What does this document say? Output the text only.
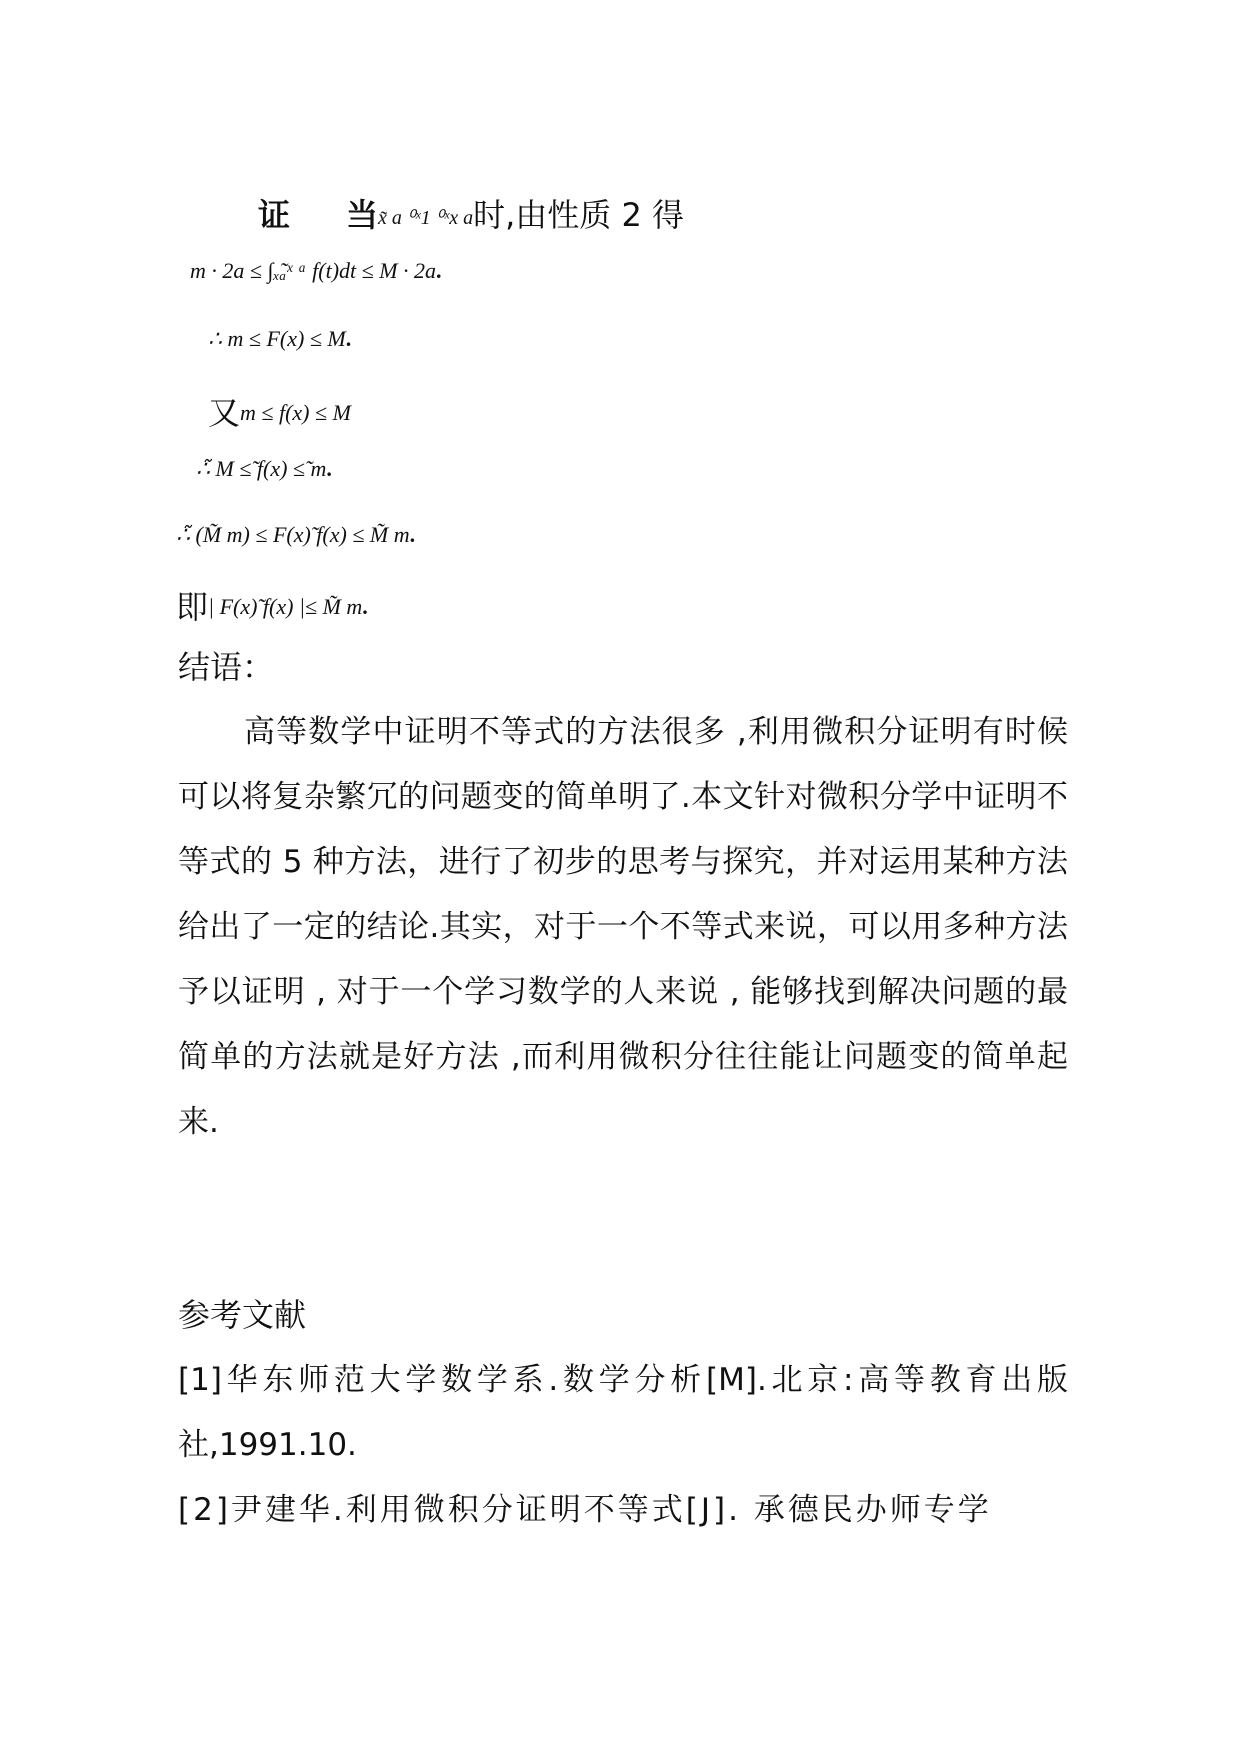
证 当x̃ a ⁰ˣ1 ⁰ˣx a时,由性质 2 得
m · 2a ≤ ∫ₓ̃ₐˣ ᵃ f(t)dt ≤ M · 2a.
∴ m ≤ F(x) ≤ M.
又m ≤ f(x) ≤ M
∴̃ M ≤̃ f(x) ≤̃ m.
∴̃ (M̃ m) ≤ F(x)̃ f(x) ≤ M̃ m.
即| F(x)̃ f(x) |≤ M̃ m.
结语：
高等数学中证明不等式的方法很多 ,利用微积分证明有时候可以将复杂繁冗的问题变的简单明了.本文针对微积分学中证明不等式的 5 种方法，进行了初步的思考与探究，并对运用某种方法给出了一定的结论.其实，对于一个不等式来说，可以用多种方法予以证明 , 对于一个学习数学的人来说 , 能够找到解决问题的最简单的方法就是好方法 ,而利用微积分往往能让问题变的简单起来.
参考文献
[1]华东师范大学数学系.数学分析[M].北京:高等教育出版社,1991.10.
[2]尹建华.利用微积分证明不等式[J]. 承德民办师专学
